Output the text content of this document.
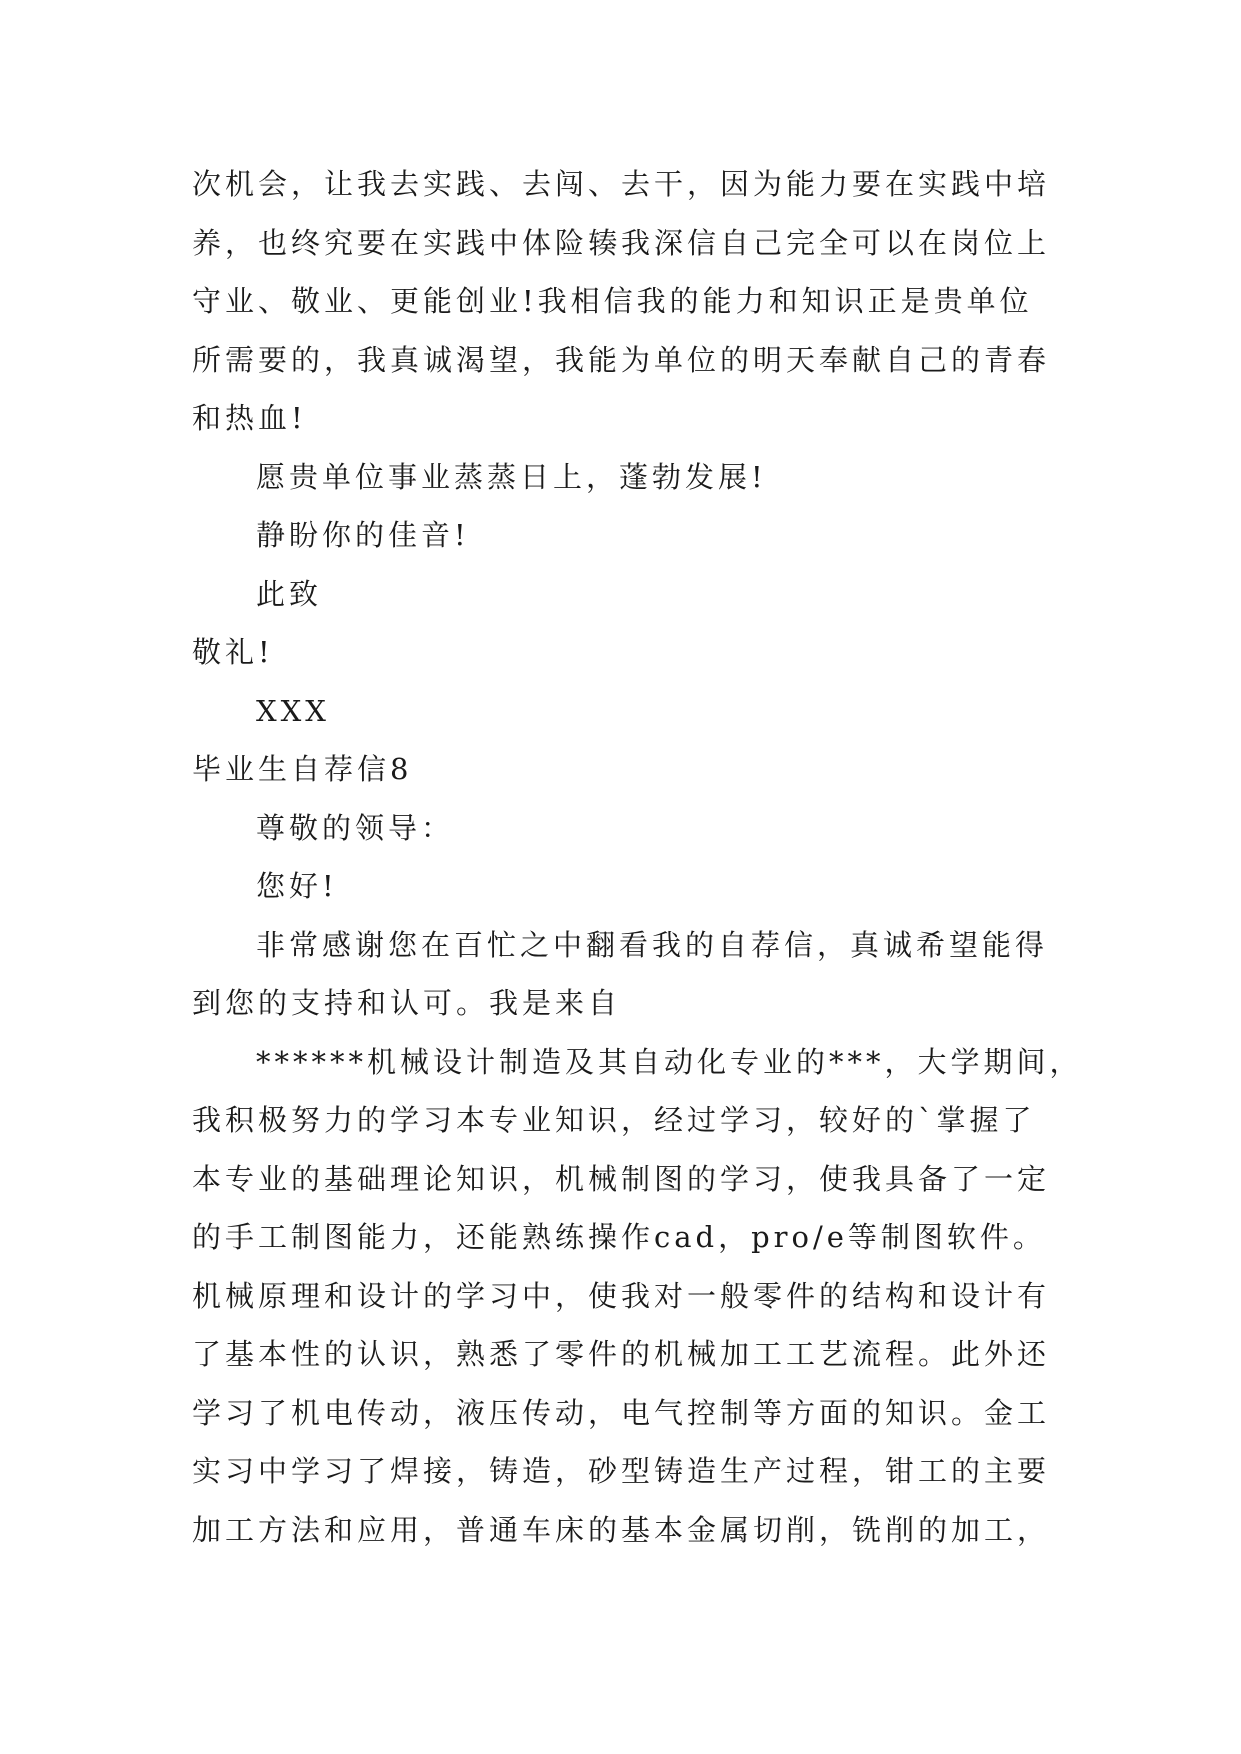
次机会，让我去实践、去闯、去干，因为能力要在实践中培
养，也终究要在实践中体险辏我深信自己完全可以在岗位上
守业、敬业、更能创业!我相信我的能力和知识正是贵单位
所需要的，我真诚渴望，我能为单位的明天奉献自己的青春
和热血!
愿贵单位事业蒸蒸日上，蓬勃发展!
静盼你的佳音!
此致
敬礼!
XXX
毕业生自荐信8
尊敬的领导：
您好!
非常感谢您在百忙之中翻看我的自荐信，真诚希望能得
到您的支持和认可。我是来自
******机械设计制造及其自动化专业的***，大学期间，
我积极努力的学习本专业知识，经过学习，较好的`掌握了
本专业的基础理论知识，机械制图的学习，使我具备了一定
的手工制图能力，还能熟练操作cad，pro/e等制图软件。
机械原理和设计的学习中，使我对一般零件的结构和设计有
了基本性的认识，熟悉了零件的机械加工工艺流程。此外还
学习了机电传动，液压传动，电气控制等方面的知识。金工
实习中学习了焊接，铸造，砂型铸造生产过程，钳工的主要
加工方法和应用，普通车床的基本金属切削，铣削的加工，
